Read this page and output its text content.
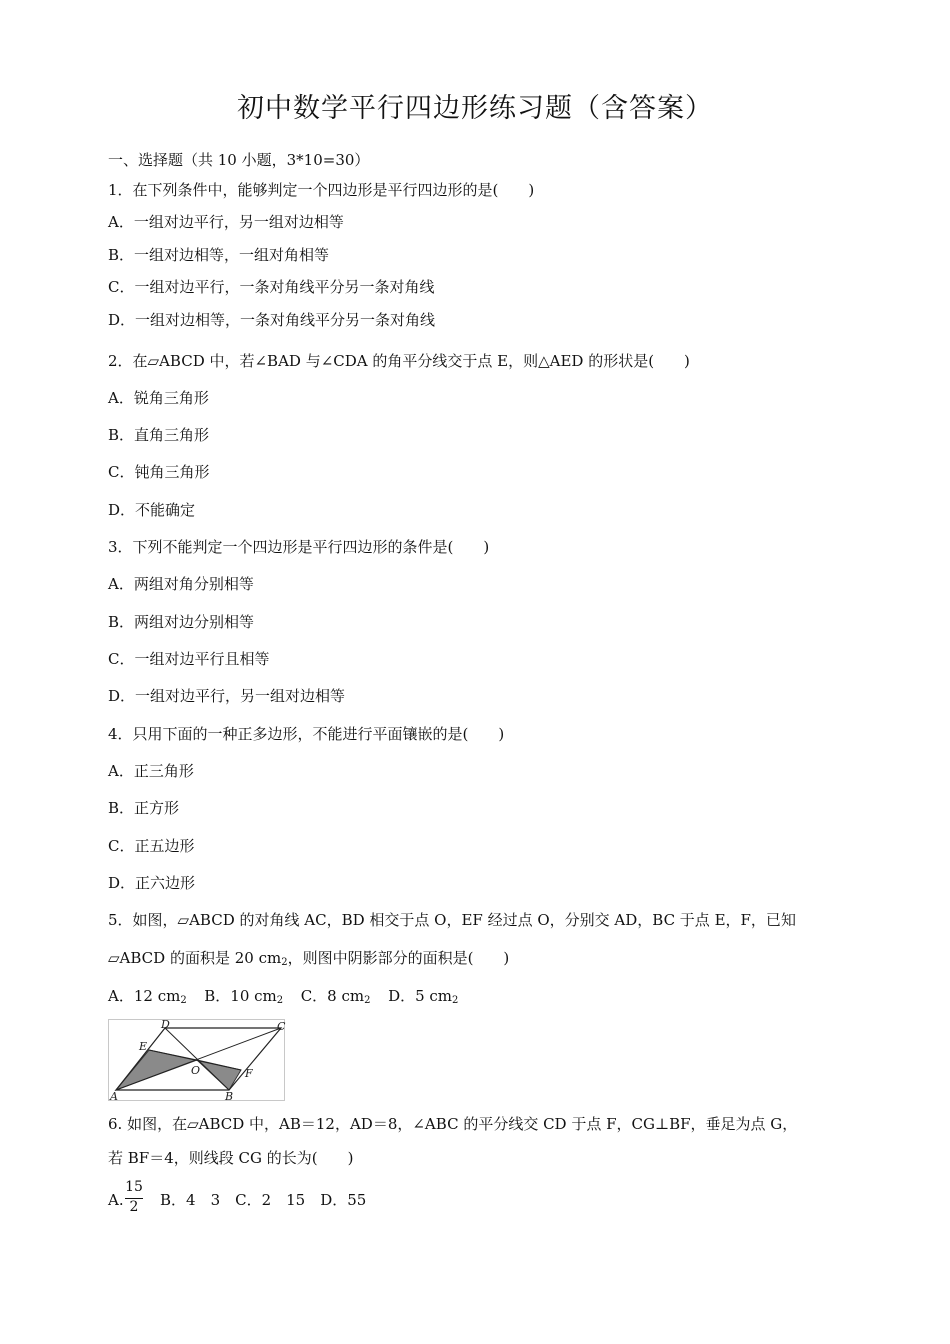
初中数学平行四边形练习题（含答案）
一、选择题（共 10 小题，3*10=30）
1．在下列条件中，能够判定一个四边形是平行四边形的是(　　)
A．一组对边平行，另一组对边相等
B．一组对边相等，一组对角相等
C．一组对边平行，一条对角线平分另一条对角线
D．一组对边相等，一条对角线平分另一条对角线
2．在▱ABCD 中，若∠BAD 与∠CDA 的角平分线交于点 E，则△AED 的形状是(　　)
A．锐角三角形
B．直角三角形
C．钝角三角形
D．不能确定
3．下列不能判定一个四边形是平行四边形的条件是(　　)
A．两组对角分别相等
B．两组对边分别相等
C．一组对边平行且相等
D．一组对边平行，另一组对边相等
4．只用下面的一种正多边形，不能进行平面镶嵌的是(　　)
A．正三角形
B．正方形
C．正五边形
D．正六边形
5．如图，▱ABCD 的对角线 AC，BD 相交于点 O，EF 经过点 O，分别交 AD，BC 于点 E，F，已知
▱ABCD 的面积是 20 $cm_2$，则图中阴影部分的面积是(　　)
A．12 $cm_2$ B．10 $cm_2$ C．8 $cm_2$ D．5 $cm_2$
A	B
C
D
E
F
O
6. 如图，在▱ABCD 中，AB＝12，AD＝8，∠ABC 的平分线交 CD 于点 F，CG⊥BF，垂足为点 G，
若 BF＝4，则线段 CG 的长为(　　)
A.
15
2	B．4　3　C．2　15　D．55
